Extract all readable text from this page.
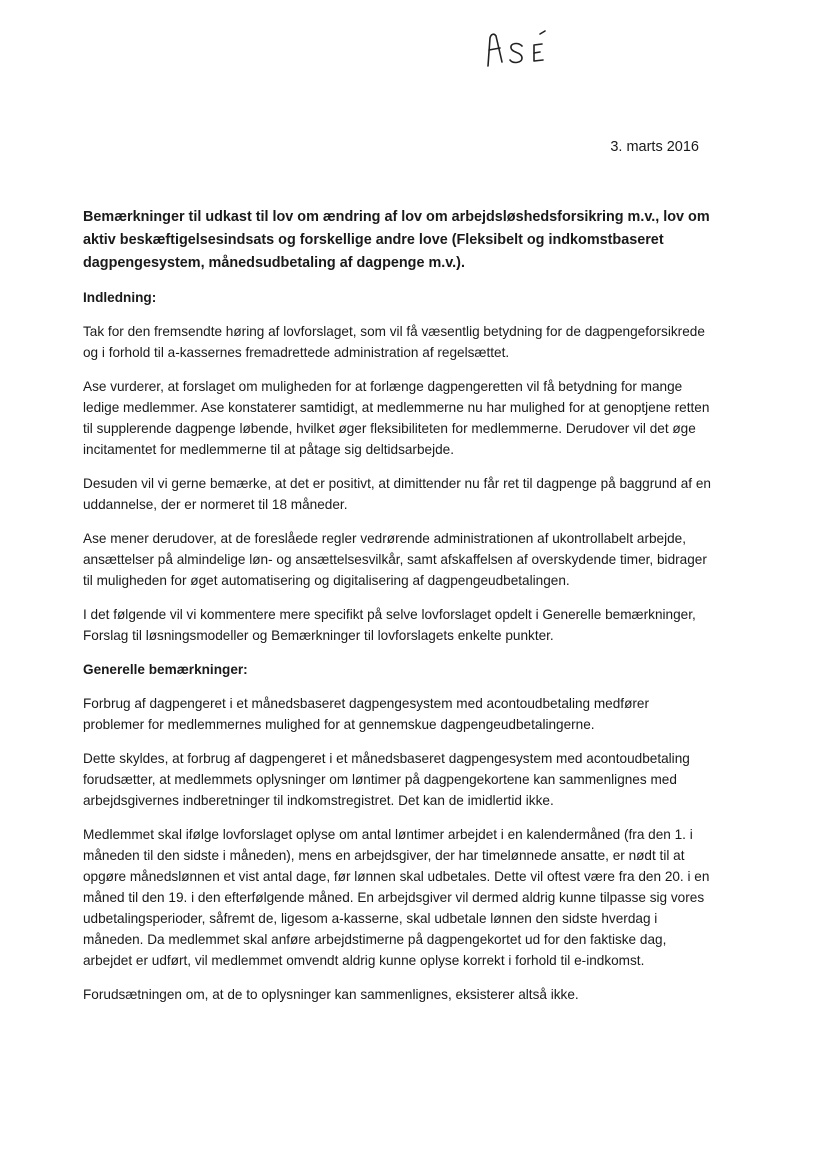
3. marts 2016

Bemærkninger til udkast til lov om ændring af lov om arbejdsløshedsforsikring m.v., lov om aktiv beskæftigelsesindsats og forskellige andre love (Fleksibelt og indkomstbaseret dagpengesystem, månedsudbetaling af dagpenge m.v.).

Indledning:

Tak for den fremsendte høring af lovforslaget, som vil få væsentlig betydning for de dagpengeforsikrede og i forhold til a-kassernes fremadrettede administration af regelsættet.

Ase vurderer, at forslaget om muligheden for at forlænge dagpengeretten vil få betydning for mange ledige medlemmer. Ase konstaterer samtidigt, at medlemmerne nu har mulighed for at genoptjene retten til supplerende dagpenge løbende, hvilket øger fleksibiliteten for medlemmerne. Derudover vil det øge incitamentet for medlemmerne til at påtage sig deltidsarbejde.

Desuden vil vi gerne bemærke, at det er positivt, at dimittender nu får ret til dagpenge på baggrund af en uddannelse, der er normeret til 18 måneder.

Ase mener derudover, at de foreslåede regler vedrørende administrationen af ukontrollabelt arbejde, ansættelser på almindelige løn- og ansættelsesvilkår, samt afskaffelsen af overskydende timer, bidrager til muligheden for øget automatisering og digitalisering af dagpengeudbetalingen.

I det følgende vil vi kommentere mere specifikt på selve lovforslaget opdelt i Generelle bemærkninger, Forslag til løsningsmodeller og Bemærkninger til lovforslagets enkelte punkter.

Generelle bemærkninger:

Forbrug af dagpengeret i et månedsbaseret dagpengesystem med acontoudbetaling medfører problemer for medlemmernes mulighed for at gennemskue dagpengeudbetalingerne.

Dette skyldes, at forbrug af dagpengeret i et månedsbaseret dagpengesystem med acontoudbetaling forudsætter, at medlemmets oplysninger om løntimer på dagpengekortene kan sammenlignes med arbejdsgivernes indberetninger til indkomstregistret. Det kan de imidlertid ikke.

Medlemmet skal ifølge lovforslaget oplyse om antal løntimer arbejdet i en kalendermåned (fra den 1. i måneden til den sidste i måneden), mens en arbejdsgiver, der har timelønnede ansatte, er nødt til at opgøre månedslønnen et vist antal dage, før lønnen skal udbetales. Dette vil oftest være fra den 20. i en måned til den 19. i den efterfølgende måned. En arbejdsgiver vil dermed aldrig kunne tilpasse sig vores udbetalingsperioder, såfremt de, ligesom a-kasserne, skal udbetale lønnen den sidste hverdag i måneden. Da medlemmet skal anføre arbejdstimerne på dagpengekortet ud for den faktiske dag, arbejdet er udført, vil medlemmet omvendt aldrig kunne oplyse korrekt i forhold til e-indkomst.

Forudsætningen om, at de to oplysninger kan sammenlignes, eksisterer altså ikke.
